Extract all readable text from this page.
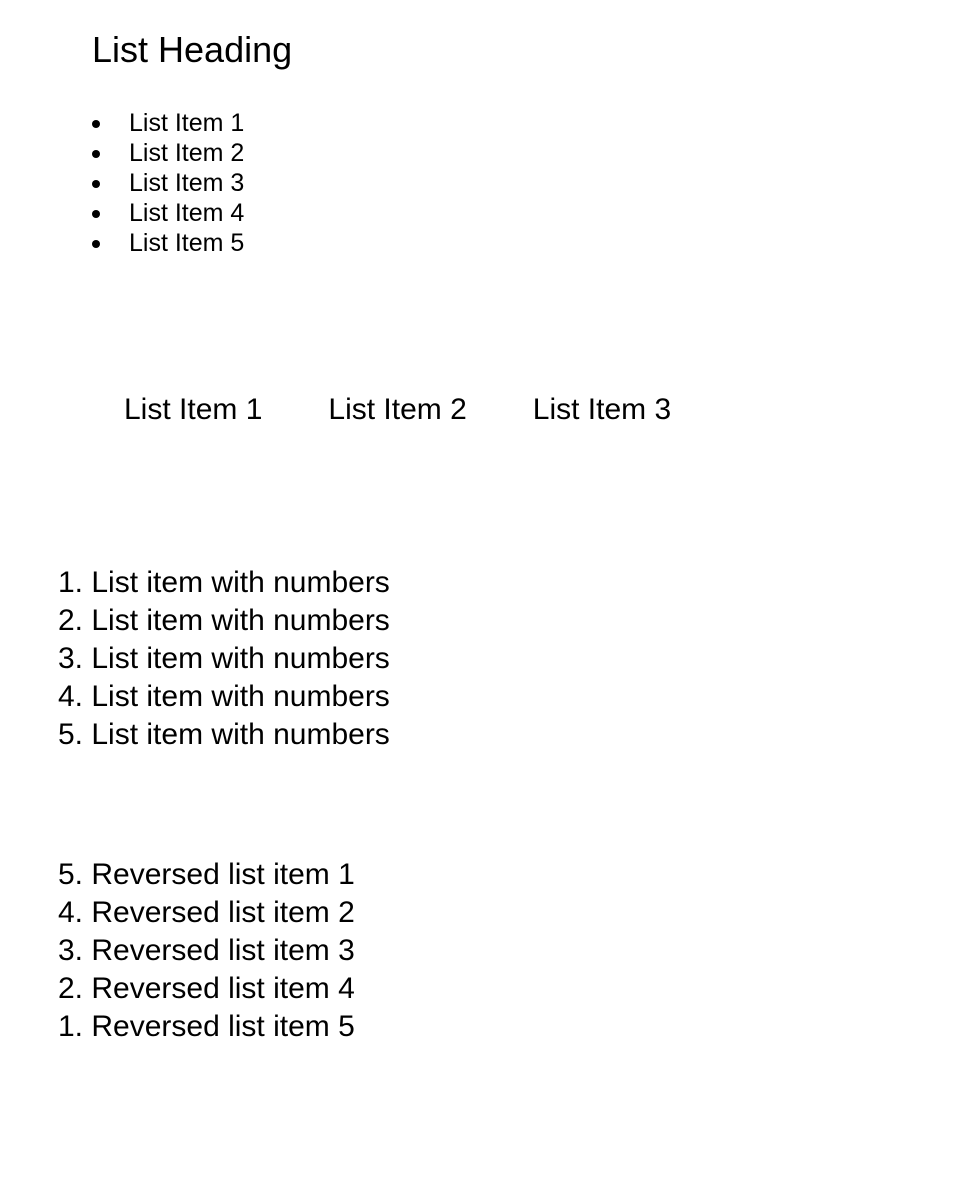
List Heading
List Item 1
List Item 2
List Item 3
List Item 4
List Item 5
List Item 1 List Item 2 List Item 3
1. List item with numbers
2. List item with numbers
3. List item with numbers
4. List item with numbers
5. List item with numbers
5. Reversed list item 1
4. Reversed list item 2
3. Reversed list item 3
2. Reversed list item 4
1. Reversed list item 5
